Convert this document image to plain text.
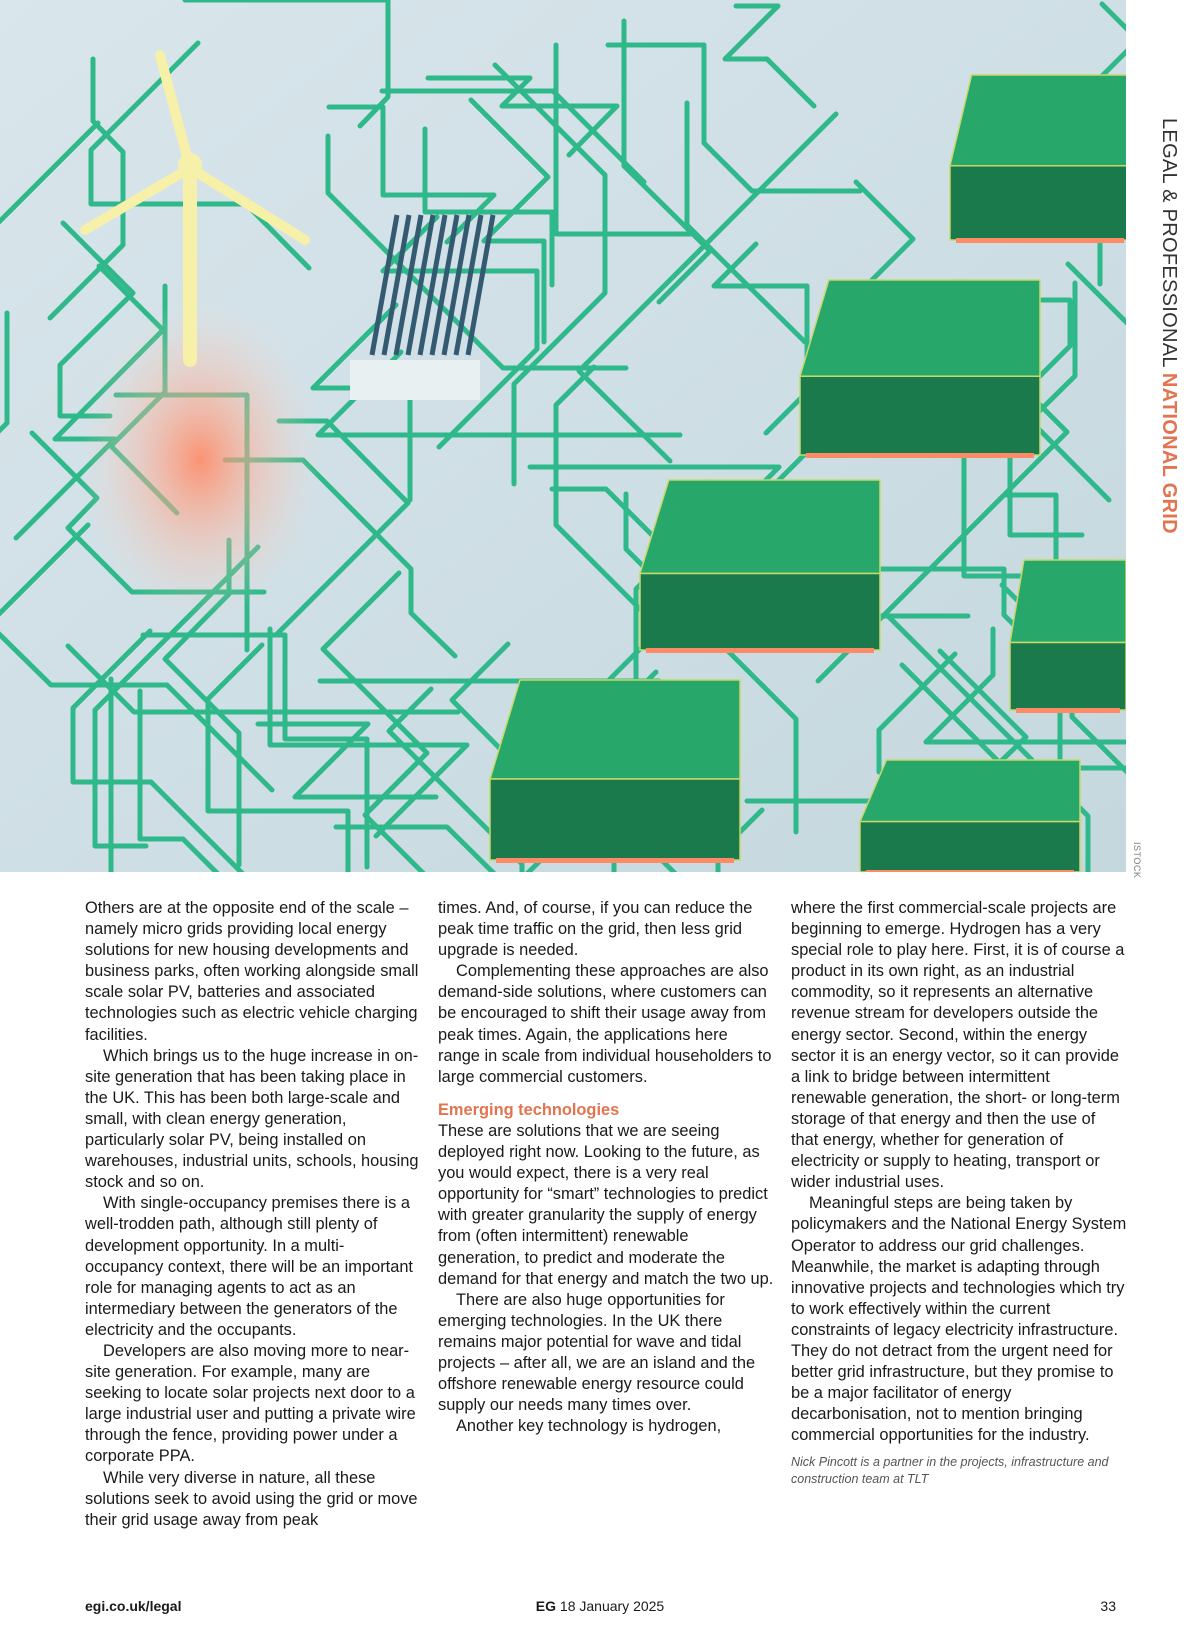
ISTOCK
LEGAL & PROFESSIONAL NATIONAL GRID

Others are at the opposite end of the scale – namely micro grids providing local energy solutions for new housing developments and business parks, often working alongside small scale solar PV, batteries and associated technologies such as electric vehicle charging facilities.

Which brings us to the huge increase in on-site generation that has been taking place in the UK. This has been both large-scale and small, with clean energy generation, particularly solar PV, being installed on warehouses, industrial units, schools, housing stock and so on.

With single-occupancy premises there is a well-trodden path, although still plenty of development opportunity. In a multi-occupancy context, there will be an important role for managing agents to act as an intermediary between the generators of the electricity and the occupants.

Developers are also moving more to near-site generation. For example, many are seeking to locate solar projects next door to a large industrial user and putting a private wire through the fence, providing power under a corporate PPA.

While very diverse in nature, all these solutions seek to avoid using the grid or move their grid usage away from peak

times. And, of course, if you can reduce the peak time traffic on the grid, then less grid upgrade is needed.

Complementing these approaches are also demand-side solutions, where customers can be encouraged to shift their usage away from peak times. Again, the applications here range in scale from individual householders to large commercial customers.

Emerging technologies

These are solutions that we are seeing deployed right now. Looking to the future, as you would expect, there is a very real opportunity for “smart” technologies to predict with greater granularity the supply of energy from (often intermittent) renewable generation, to predict and moderate the demand for that energy and match the two up.

There are also huge opportunities for emerging technologies. In the UK there remains major potential for wave and tidal projects – after all, we are an island and the offshore renewable energy resource could supply our needs many times over.

Another key technology is hydrogen,

where the first commercial-scale projects are beginning to emerge. Hydrogen has a very special role to play here. First, it is of course a product in its own right, as an industrial commodity, so it represents an alternative revenue stream for developers outside the energy sector. Second, within the energy sector it is an energy vector, so it can provide a link to bridge between intermittent renewable generation, the short- or long-term storage of that energy and then the use of that energy, whether for generation of electricity or supply to heating, transport or wider industrial uses.

Meaningful steps are being taken by policymakers and the National Energy System Operator to address our grid challenges. Meanwhile, the market is adapting through innovative projects and technologies which try to work effectively within the current constraints of legacy electricity infrastructure. They do not detract from the urgent need for better grid infrastructure, but they promise to be a major facilitator of energy decarbonisation, not to mention bringing commercial opportunities for the industry.

Nick Pincott is a partner in the projects, infrastructure and construction team at TLT
egi.co.uk/legal	EG 18 January 2025	33
